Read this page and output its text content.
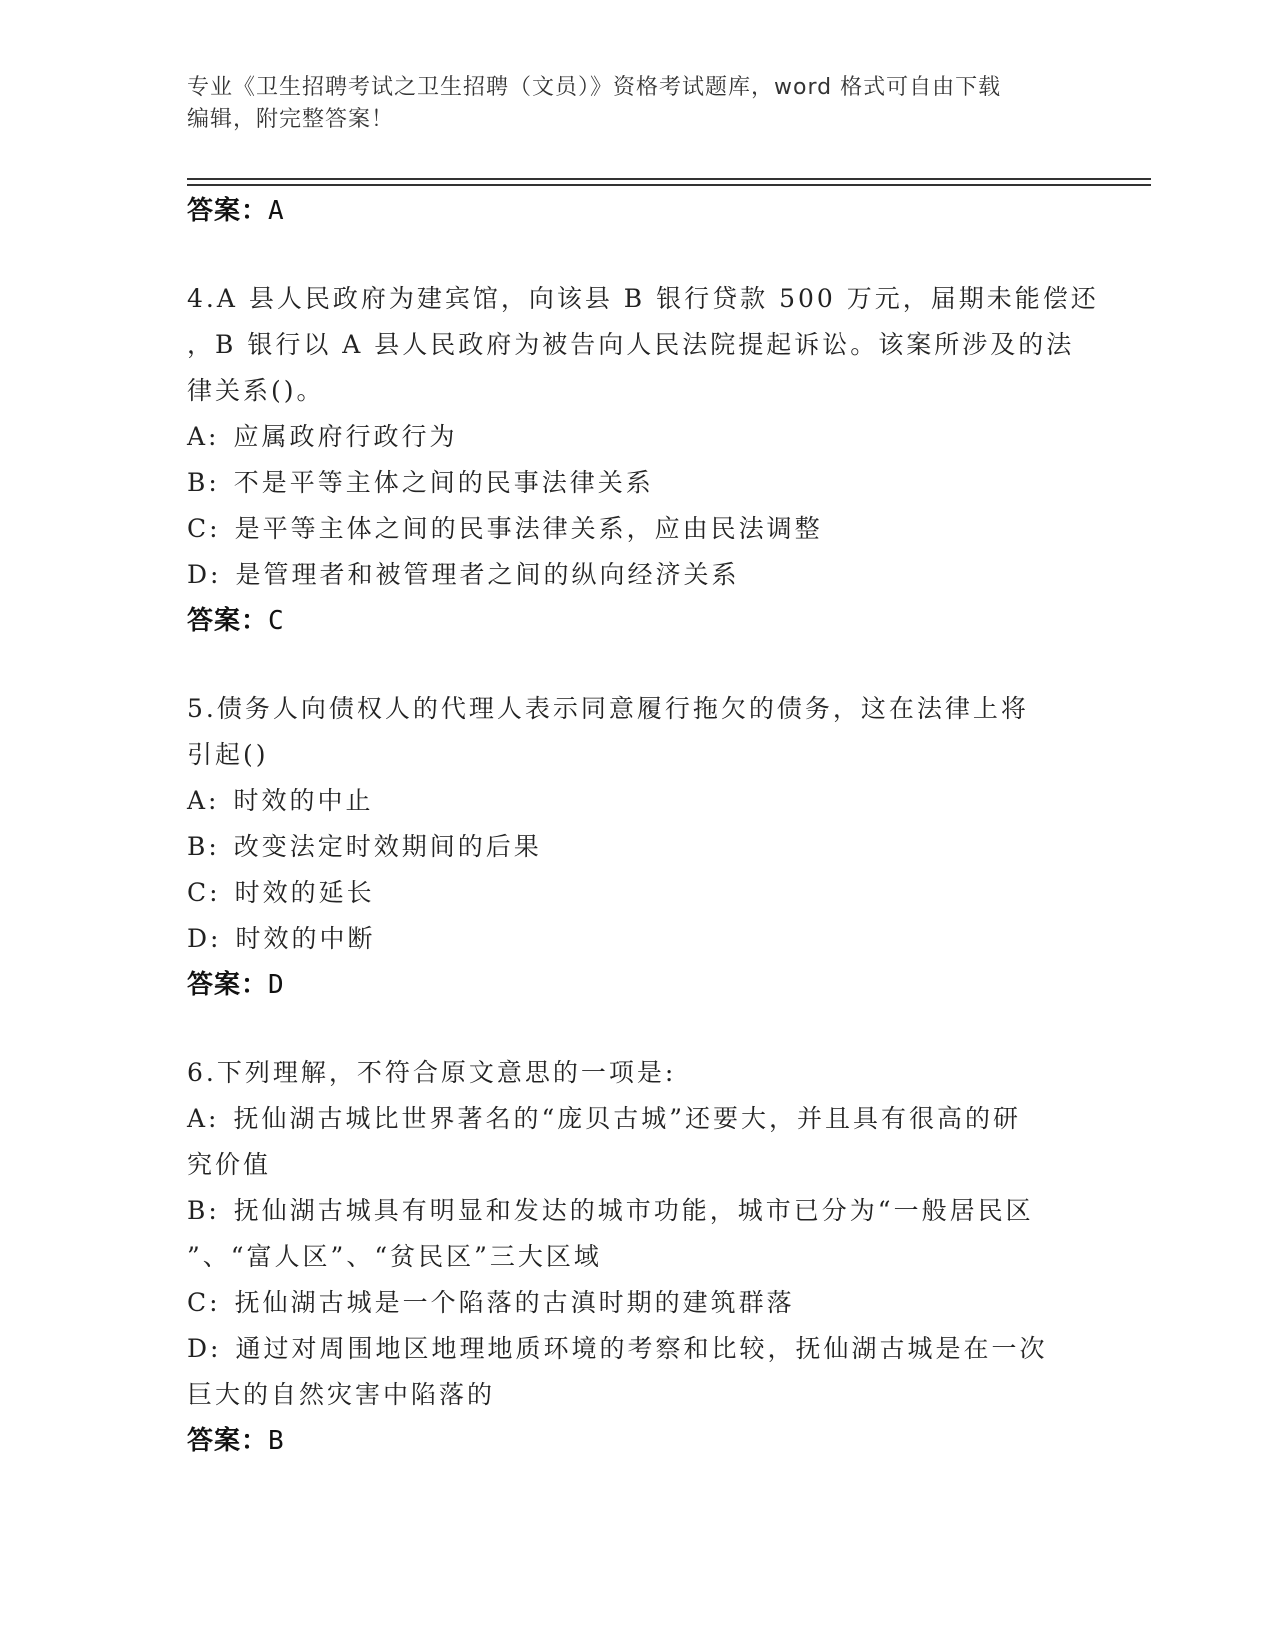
专业《卫生招聘考试之卫生招聘（文员）》资格考试题库，word 格式可自由下载
编辑，附完整答案！
答案：A
4.A 县人民政府为建宾馆，向该县 B 银行贷款 500 万元，届期未能偿还
，B 银行以 A 县人民政府为被告向人民法院提起诉讼。该案所涉及的法
律关系()。
A: 应属政府行政行为
B: 不是平等主体之间的民事法律关系
C: 是平等主体之间的民事法律关系，应由民法调整
D: 是管理者和被管理者之间的纵向经济关系
答案：C
5.债务人向债权人的代理人表示同意履行拖欠的债务，这在法律上将
引起()
A: 时效的中止
B: 改变法定时效期间的后果
C: 时效的延长
D: 时效的中断
答案：D
6.下列理解，不符合原文意思的一项是:
A: 抚仙湖古城比世界著名的“庞贝古城”还要大，并且具有很高的研
究价值
B: 抚仙湖古城具有明显和发达的城市功能，城市已分为“一般居民区
”、“富人区”、“贫民区”三大区域
C: 抚仙湖古城是一个陷落的古滇时期的建筑群落
D: 通过对周围地区地理地质环境的考察和比较，抚仙湖古城是在一次
巨大的自然灾害中陷落的
答案：B
